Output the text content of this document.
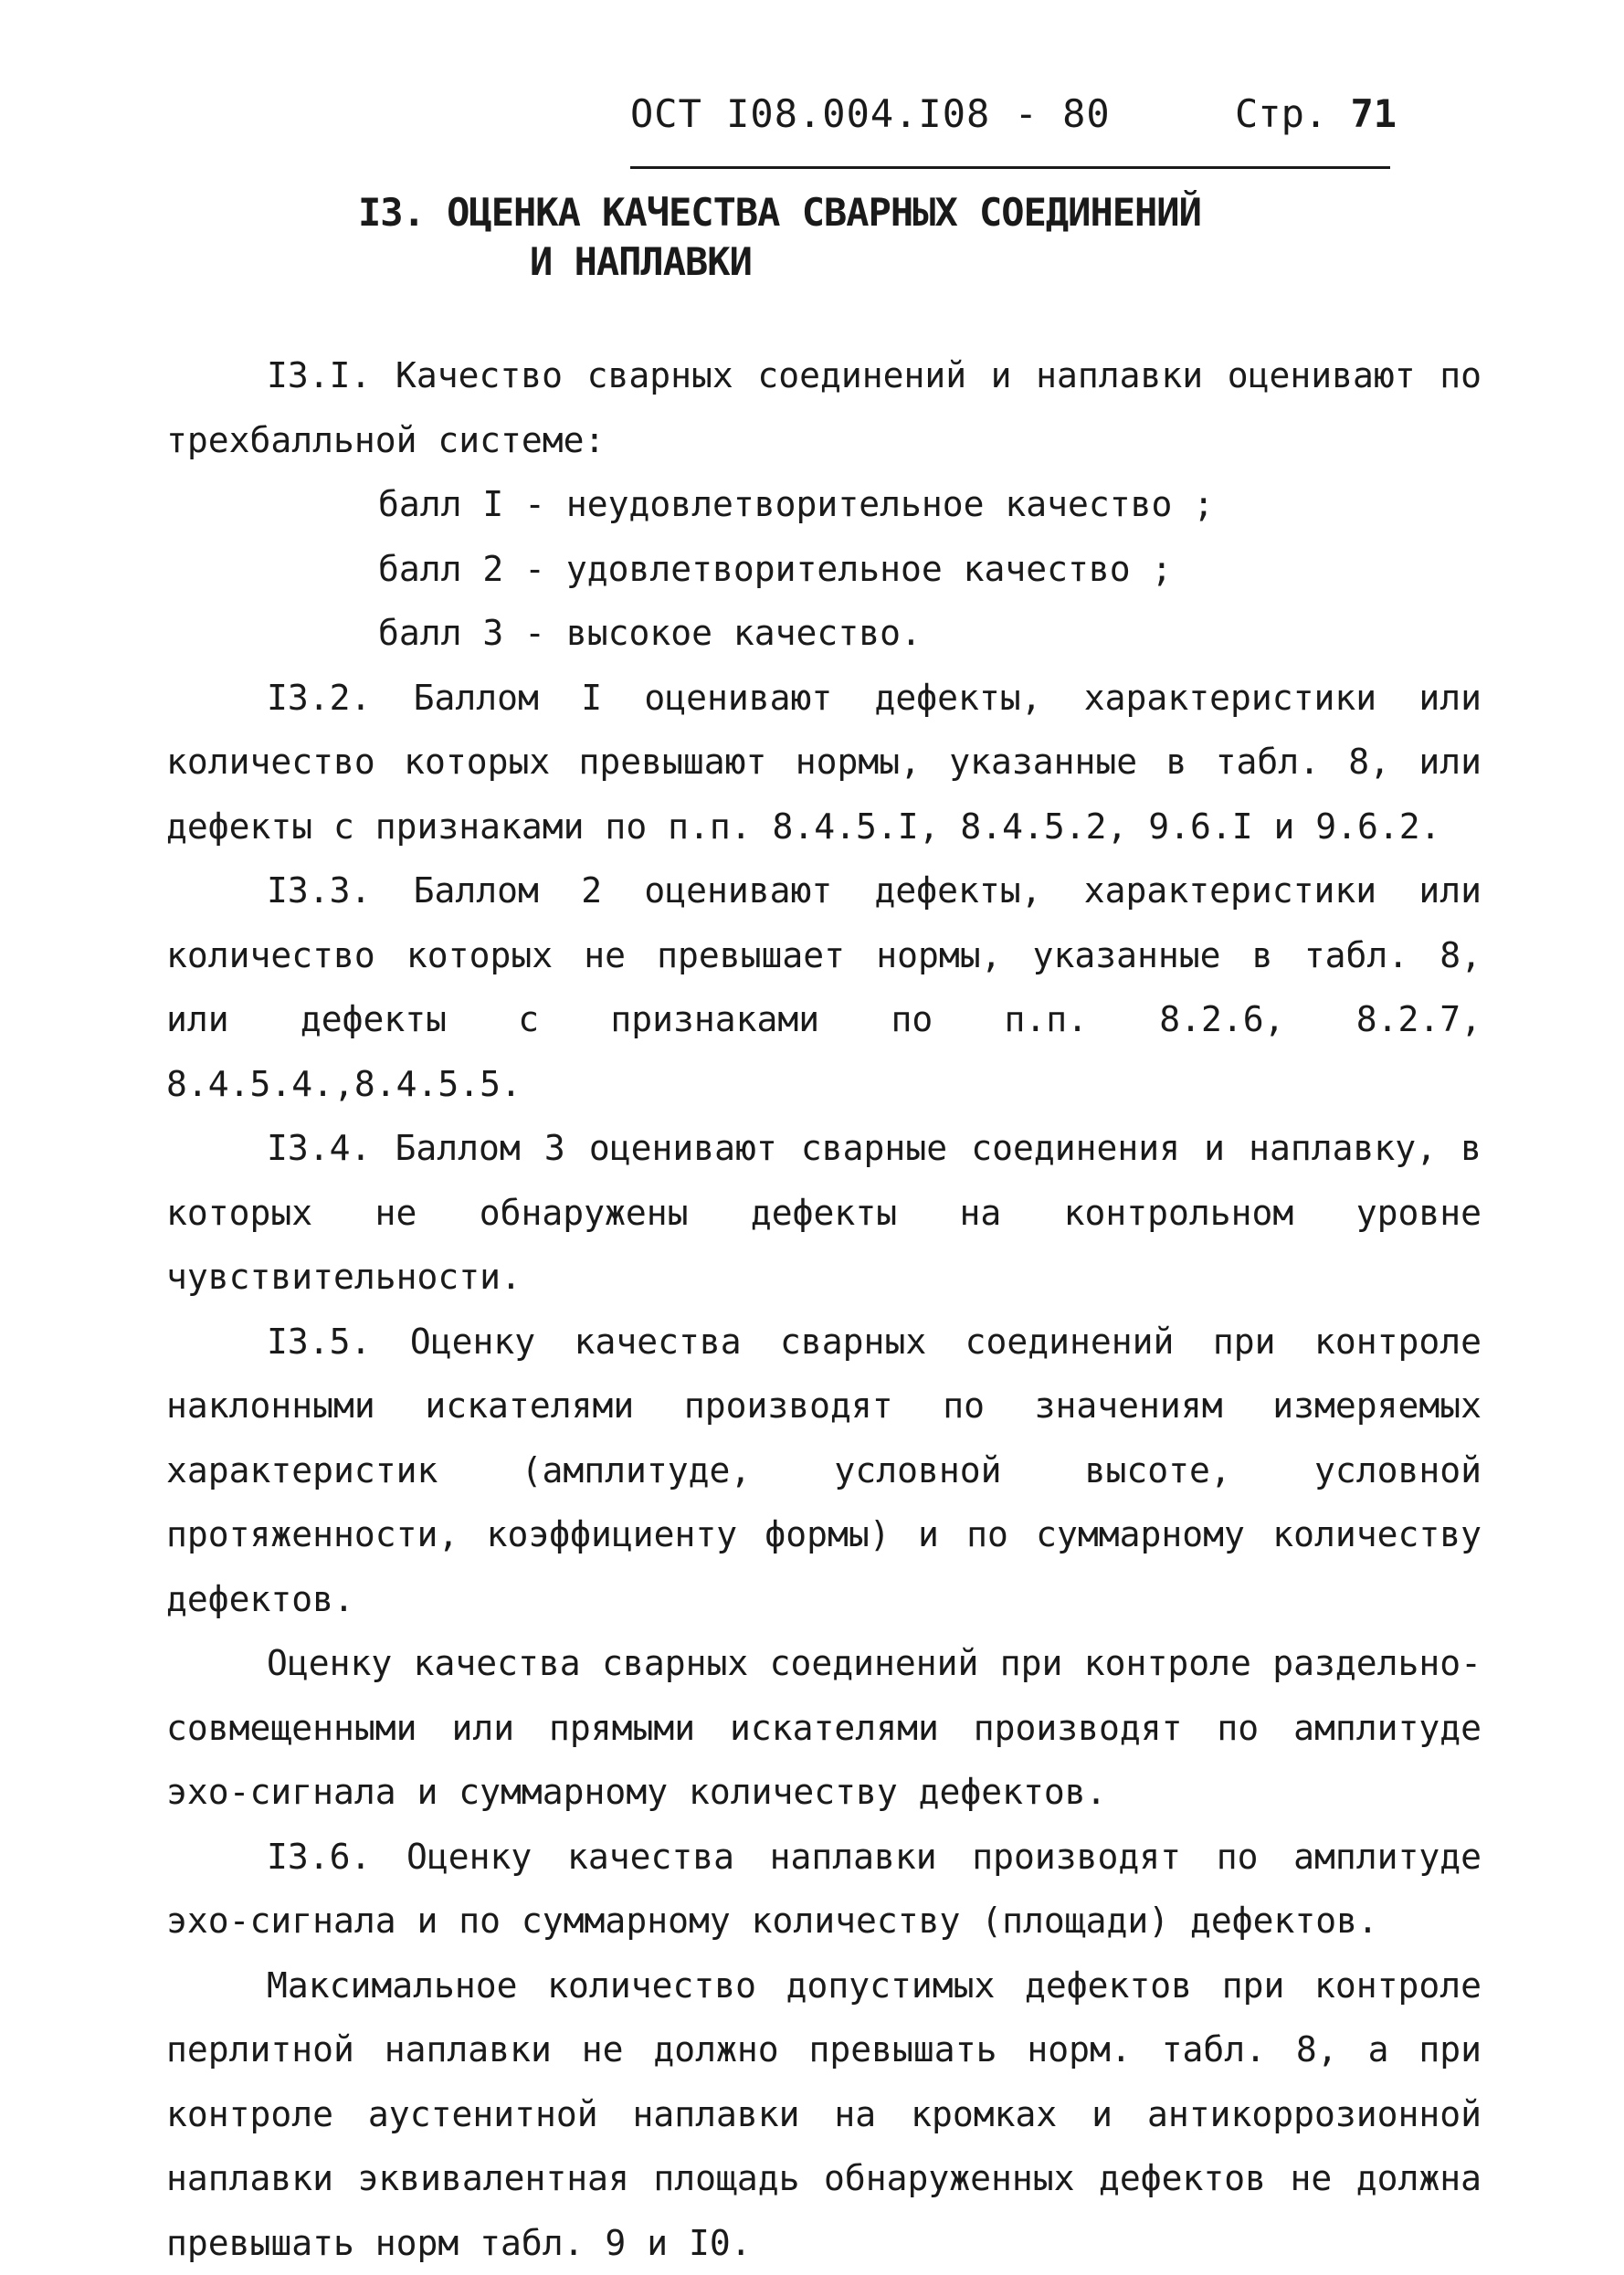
ОСТ I08.004.I08 - 80	Стр. 71
I3. ОЦЕНКА КАЧЕСТВА СВАРНЫХ СОЕДИНЕНИЙ
И НАПЛАВКИ

I3.I. Качество сварных соединений и наплавки оценивают по трехбалльной системе:

балл I - неудовлетворительное качество ;

балл 2 - удовлетворительное качество ;

балл 3 - высокое качество.

I3.2. Баллом I оценивают дефекты, характеристики или количество которых превышают нормы, указанные в табл. 8, или дефекты с признаками по п.п. 8.4.5.I, 8.4.5.2, 9.6.I и 9.6.2.

I3.3. Баллом 2 оценивают дефекты, характеристики или количество которых не превышает нормы, указанные в табл. 8, или дефекты с признаками по п.п. 8.2.6, 8.2.7, 8.4.5.4.,8.4.5.5.

I3.4. Баллом 3 оценивают сварные соединения и наплавку, в которых не обнаружены дефекты на контрольном уровне чувствительности.

I3.5. Оценку качества сварных соединений при контроле наклонными искателями производят по значениям измеряемых характеристик (амплитуде, условной высоте, условной протяженности, коэффициенту формы) и по суммарному количеству дефектов.

Оценку качества сварных соединений при контроле раздельно-совмещенными или прямыми искателями производят по амплитуде эхо-сигнала и суммарному количеству дефектов.

I3.6. Оценку качества наплавки производят по амплитуде эхо-сигнала и по суммарному количеству (площади) дефектов.

Максимальное количество допустимых дефектов при контроле перлитной наплавки не должно превышать норм. табл. 8, а при контроле аустенитной наплавки на кромках и антикоррозионной наплавки эквивалентная площадь обнаруженных дефектов не должна превышать норм табл. 9 и I0.
